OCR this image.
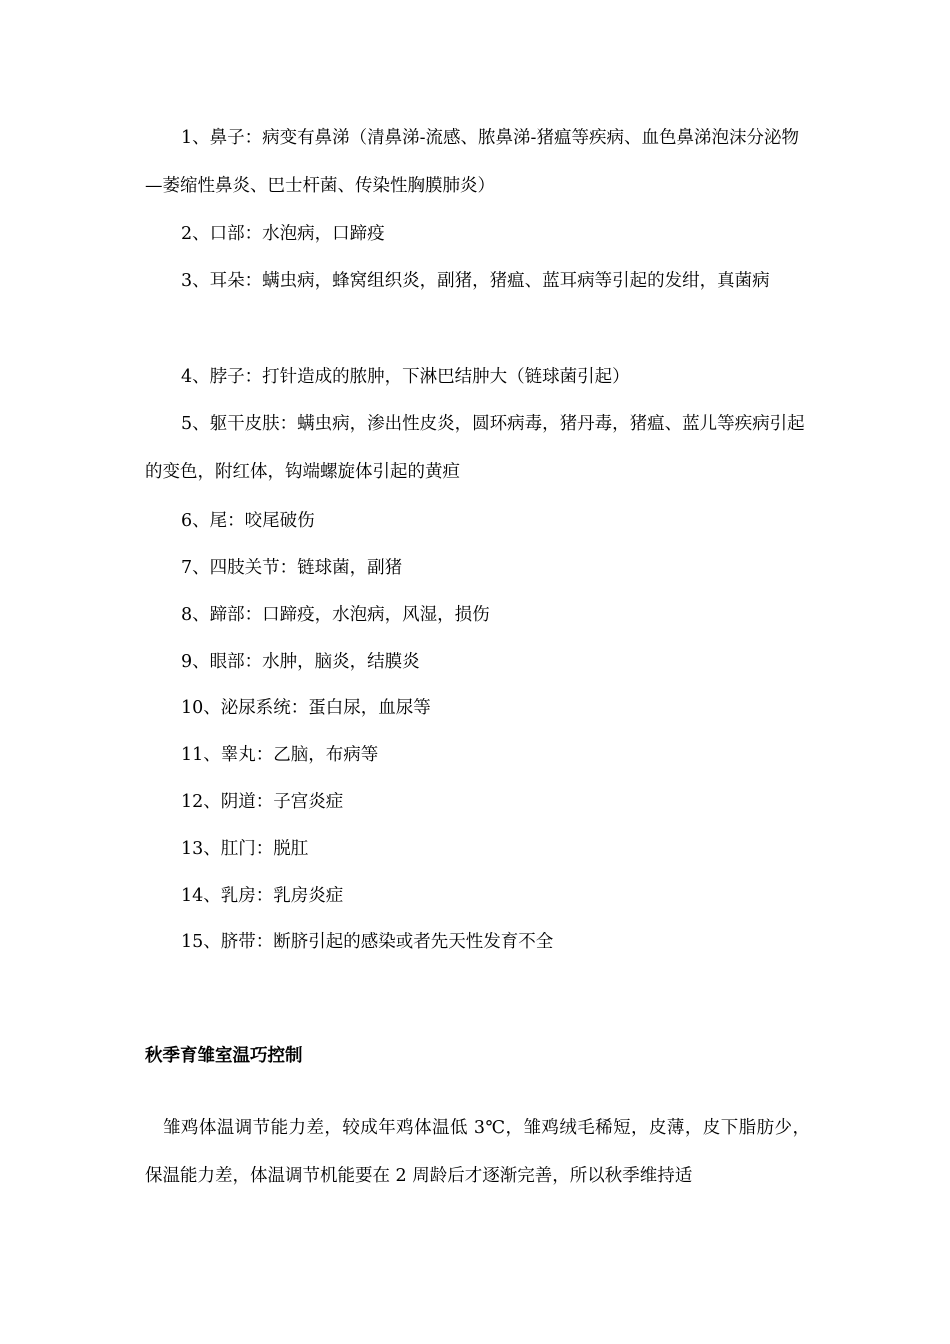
1、鼻子：病变有鼻涕（清鼻涕-流感、脓鼻涕-猪瘟等疾病、血色鼻涕泡沫分泌物—萎缩性鼻炎、巴士杆菌、传染性胸膜肺炎）

2、口部：水泡病，口蹄疫

3、耳朵：螨虫病，蜂窝组织炎，副猪，猪瘟、蓝耳病等引起的发绀，真菌病

4、脖子：打针造成的脓肿，下淋巴结肿大（链球菌引起）

5、躯干皮肤：螨虫病，渗出性皮炎，圆环病毒，猪丹毒，猪瘟、蓝儿等疾病引起的变色，附红体，钩端螺旋体引起的黄疸

6、尾：咬尾破伤

7、四肢关节：链球菌，副猪

8、蹄部：口蹄疫，水泡病，风湿，损伤

9、眼部：水肿，脑炎，结膜炎

10、泌尿系统：蛋白尿，血尿等

11、睾丸：乙脑，布病等

12、阴道：子宫炎症

13、肛门：脱肛

14、乳房：乳房炎症

15、脐带：断脐引起的感染或者先天性发育不全

秋季育雏室温巧控制

雏鸡体温调节能力差，较成年鸡体温低 3℃，雏鸡绒毛稀短，皮薄，皮下脂肪少，保温能力差，体温调节机能要在 2 周龄后才逐渐完善，所以秋季维持适
